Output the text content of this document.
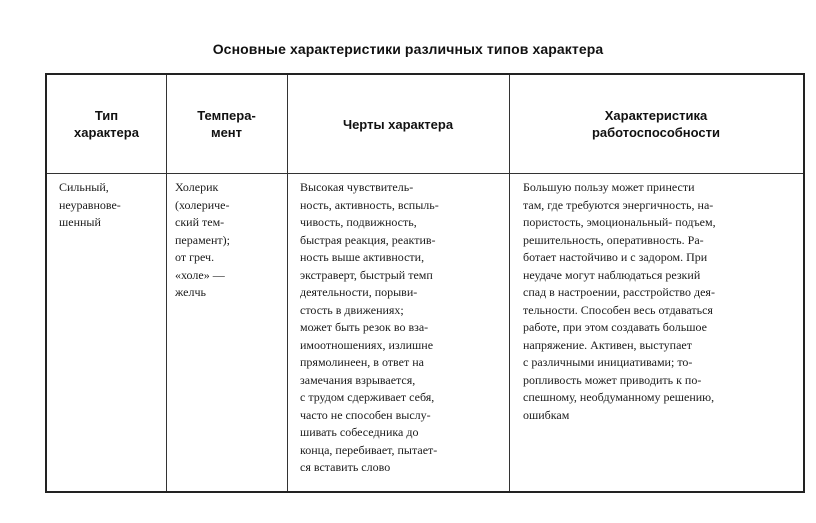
Основные характеристики различных типов характера
Тип
характера
Темпера-
мент
Черты характера
Характеристика
работоспособности
Сильный,
неуравнове-
шенный
Холерик
(холериче-
ский тем-
перамент);
от греч.
«холе» —
желчь
Высокая чувствитель-
ность, активность, вспыль-
чивость, подвижность,
быстрая реакция, реактив-
ность выше активности,
экстраверт, быстрый темп
деятельности, порыви-
стость в движениях;
может быть резок во вза-
имоотношениях, излишне
прямолинеен, в ответ на
замечания взрывается,
с трудом сдерживает себя,
часто не способен выслу-
шивать собеседника до
конца, перебивает, пытает-
ся вставить слово
Большую пользу может принести
там, где требуются энергичность, на-
пористость, эмоциональный- подъем,
решительность, оперативность. Ра-
ботает настойчиво и с задором. При
неудаче могут наблюдаться резкий
спад в настроении, расстройство дея-
тельности. Способен весь отдаваться
работе, при этом создавать большое
напряжение. Активен, выступает
с различными инициативами; то-
ропливость может приводить к по-
спешному, необдуманному решению,
ошибкам
